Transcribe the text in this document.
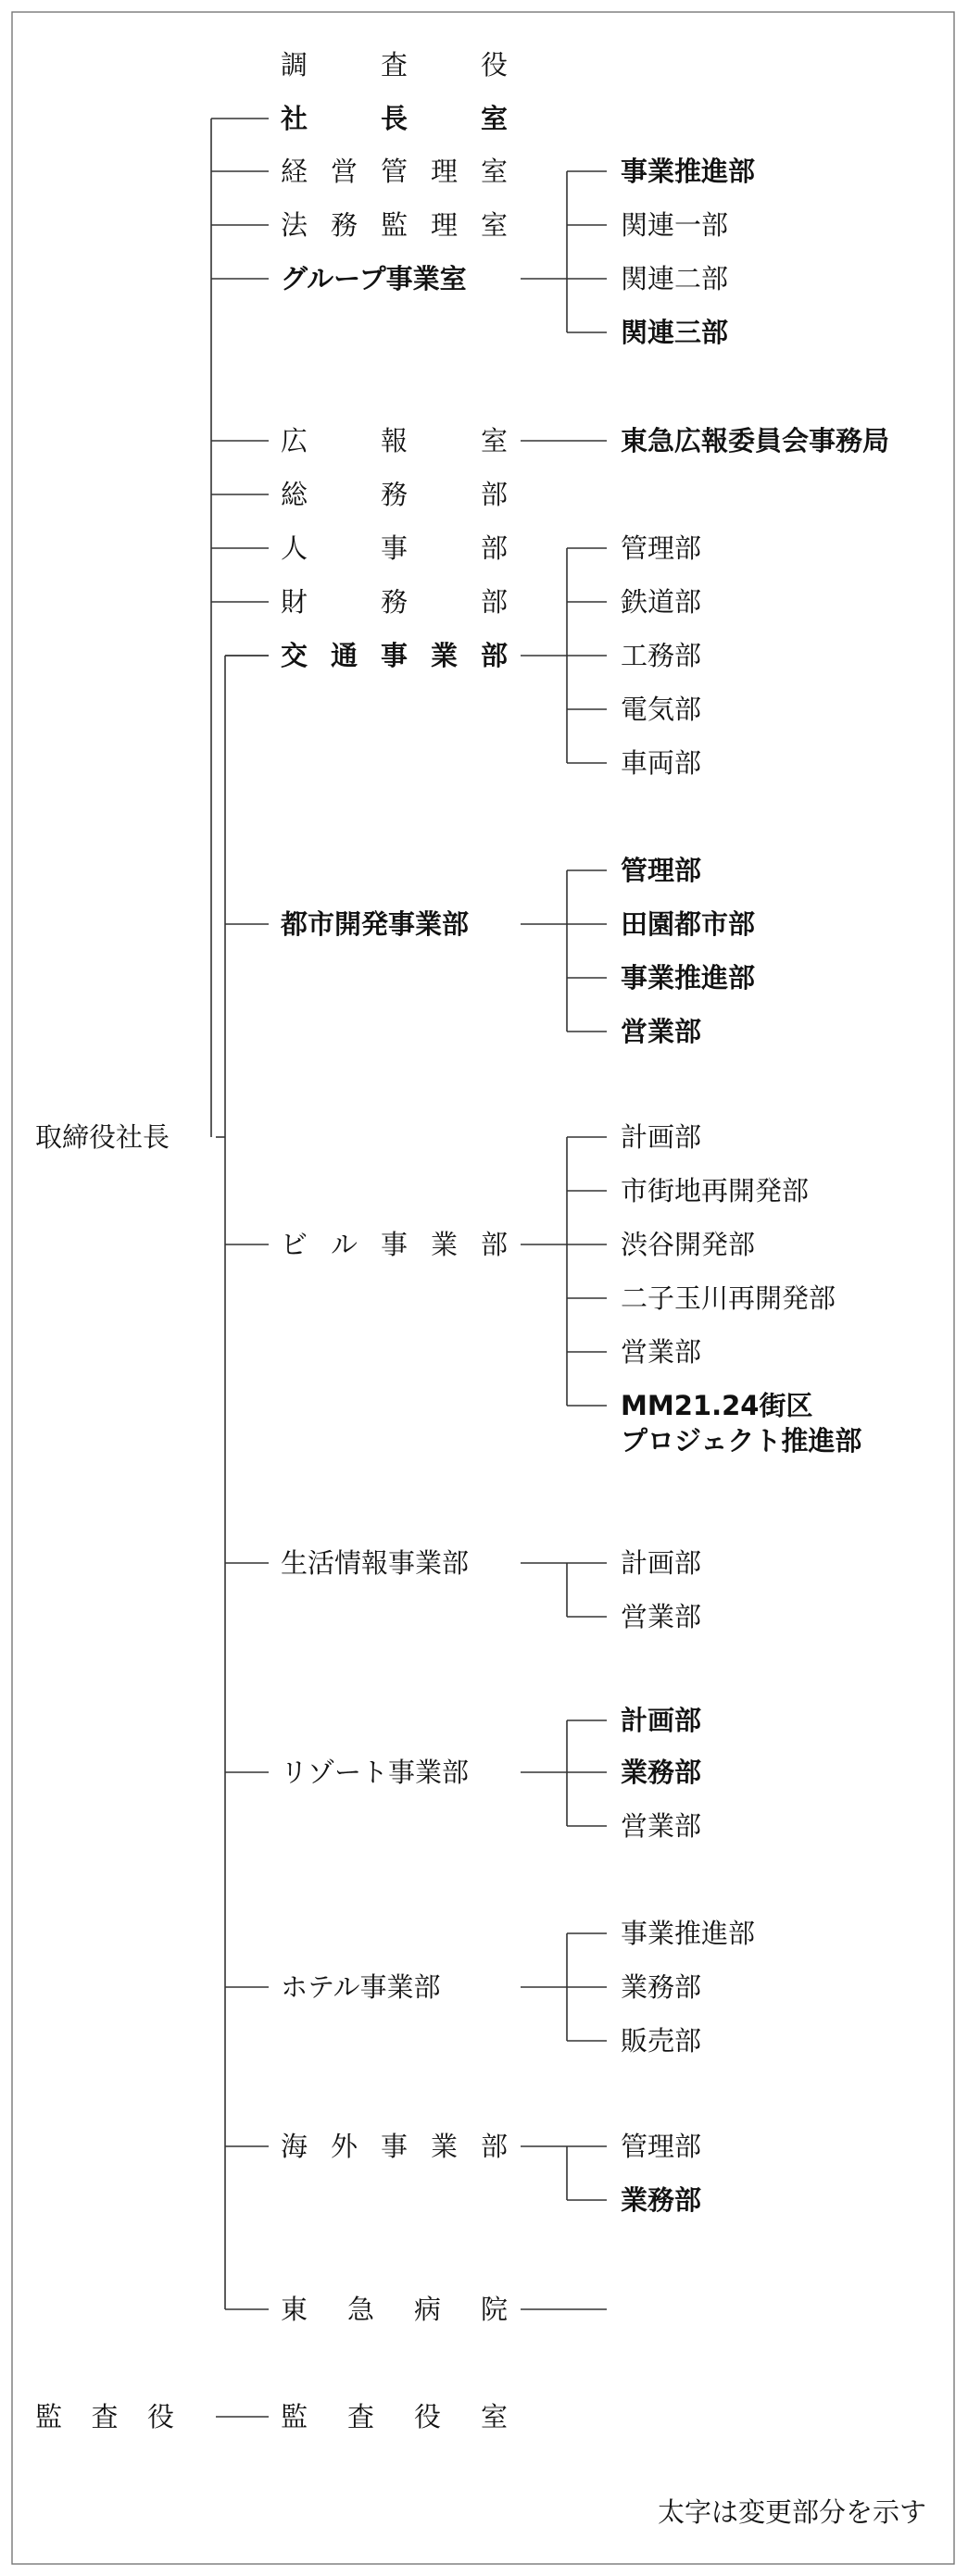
取締役社長
監査役	監査役室
調査役
社長室
経営管理室
法務監理室
グループ事業室
事業推進部
関連一部
関連二部
関連三部
広報室	東急広報委員会事務局
総務部
人事部
財務部
交通事業部
管理部
鉄道部
工務部
電気部
車両部
都市開発事業部
管理部
田園都市部
事業推進部
営業部
ビル事業部
計画部
市街地再開発部
渋谷開発部
二子玉川再開発部
営業部
MM21.24街区プロジェクト推進部
生活情報事業部	計画部
営業部
リゾート事業部
計画部
業務部
営業部
ホテル事業部
事業推進部
業務部
販売部
海外事業部	管理部
業務部
東急病院
太字は変更部分を示す
